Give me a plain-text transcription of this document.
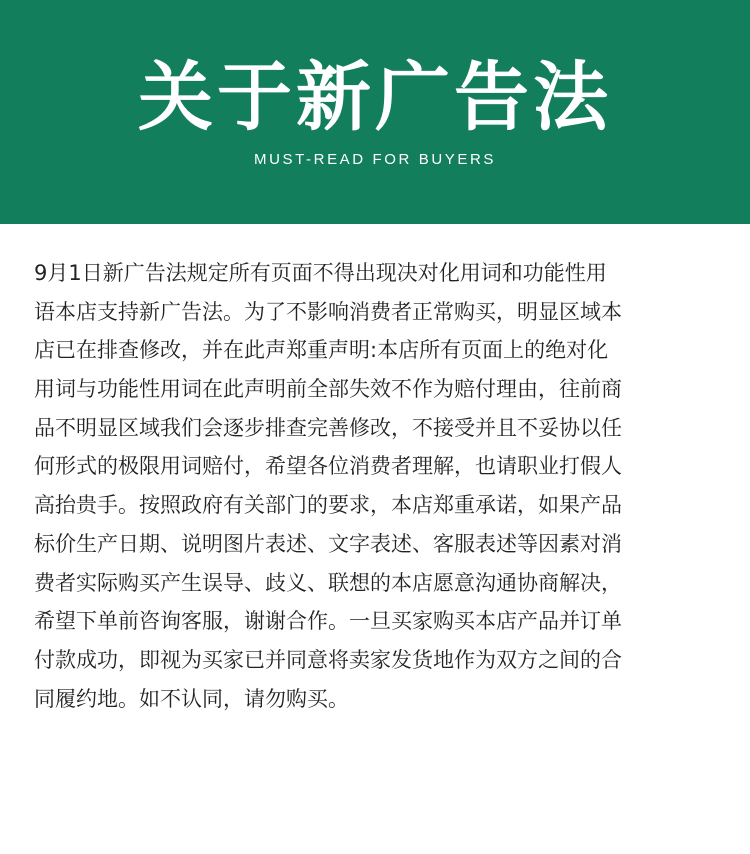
关于新广告法
MUST-READ FOR BUYERS
9月1日新广告法规定所有页面不得出现决对化用词和功能性用
语本店支持新广告法。为了不影响消费者正常购买，明显区域本
店已在排查修改，并在此声郑重声明:本店所有页面上的绝对化
用词与功能性用词在此声明前全部失效不作为赔付理由，往前商
品不明显区域我们会逐步排查完善修改，不接受并且不妥协以任
何形式的极限用词赔付，希望各位消费者理解，也请职业打假人
高抬贵手。按照政府有关部门的要求，本店郑重承诺，如果产品
标价生产日期、说明图片表述、文字表述、客服表述等因素对消
费者实际购买产生误导、歧义、联想的本店愿意沟通协商解决，
希望下单前咨询客服，谢谢合作。一旦买家购买本店产品并订单
付款成功，即视为买家已并同意将卖家发货地作为双方之间的合
同履约地。如不认同，请勿购买。
